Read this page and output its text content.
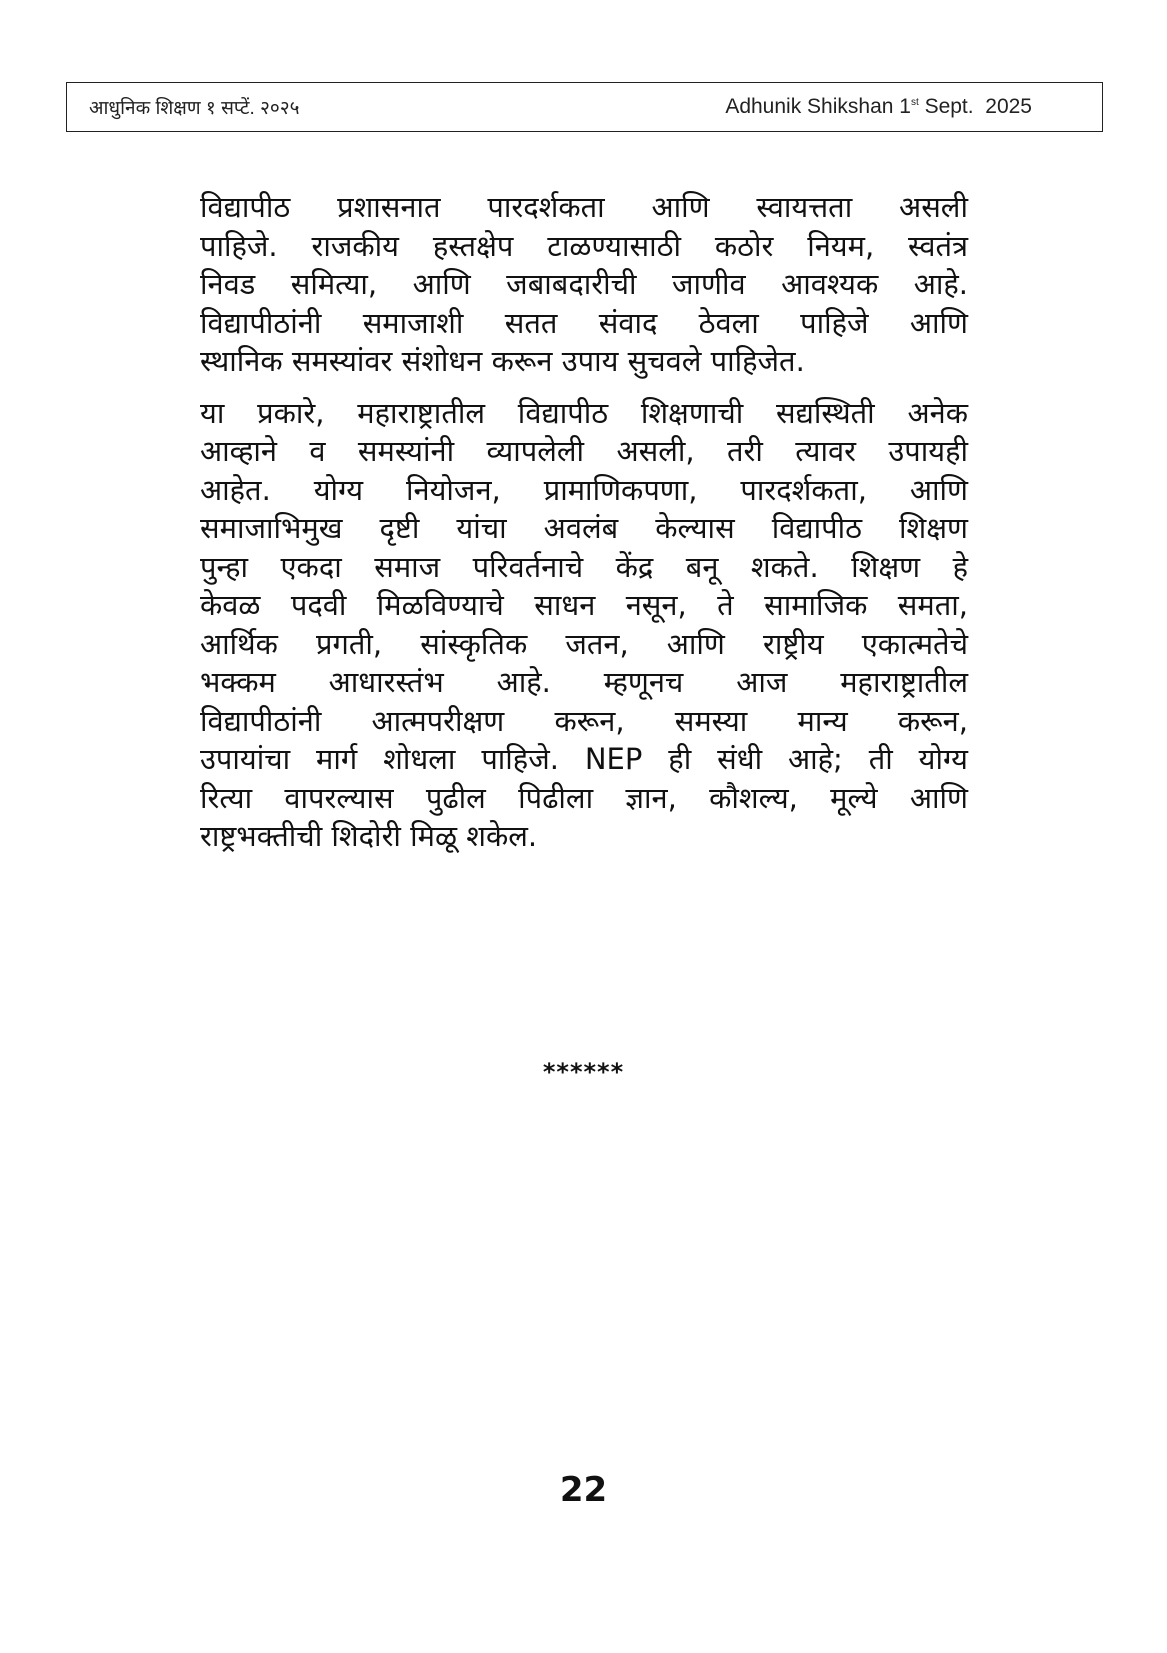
आधुनिक शिक्षण १ सप्टें. २०२५	Adhunik Shikshan 1st Sept.  2025

विद्यापीठ प्रशासनात पारदर्शकता आणि स्वायत्तता असली
पाहिजे. राजकीय हस्तक्षेप टाळण्यासाठी कठोर नियम, स्वतंत्र
निवड समित्या, आणि जबाबदारीची जाणीव आवश्यक आहे.
विद्यापीठांनी समाजाशी सतत संवाद ठेवला पाहिजे आणि
स्थानिक समस्यांवर संशोधन करून उपाय सुचवले पाहिजेत.

या प्रकारे, महाराष्ट्रातील विद्यापीठ शिक्षणाची सद्यस्थिती अनेक
आव्हाने व समस्यांनी व्यापलेली असली, तरी त्यावर उपायही
आहेत. योग्य नियोजन, प्रामाणिकपणा, पारदर्शकता, आणि
समाजाभिमुख दृष्टी यांचा अवलंब केल्यास विद्यापीठ शिक्षण
पुन्हा एकदा समाज परिवर्तनाचे केंद्र बनू शकते. शिक्षण हे
केवळ पदवी मिळविण्याचे साधन नसून, ते सामाजिक समता,
आर्थिक प्रगती, सांस्कृतिक जतन, आणि राष्ट्रीय एकात्मतेचे
भक्कम आधारस्तंभ आहे. म्हणूनच आज महाराष्ट्रातील
विद्यापीठांनी आत्मपरीक्षण करून, समस्या मान्य करून,
उपायांचा मार्ग शोधला पाहिजे. NEP ही संधी आहे; ती योग्य
रित्या वापरल्यास पुढील पिढीला ज्ञान, कौशल्य, मूल्ये आणि
राष्ट्रभक्तीची शिदोरी मिळू शकेल.

******
22
